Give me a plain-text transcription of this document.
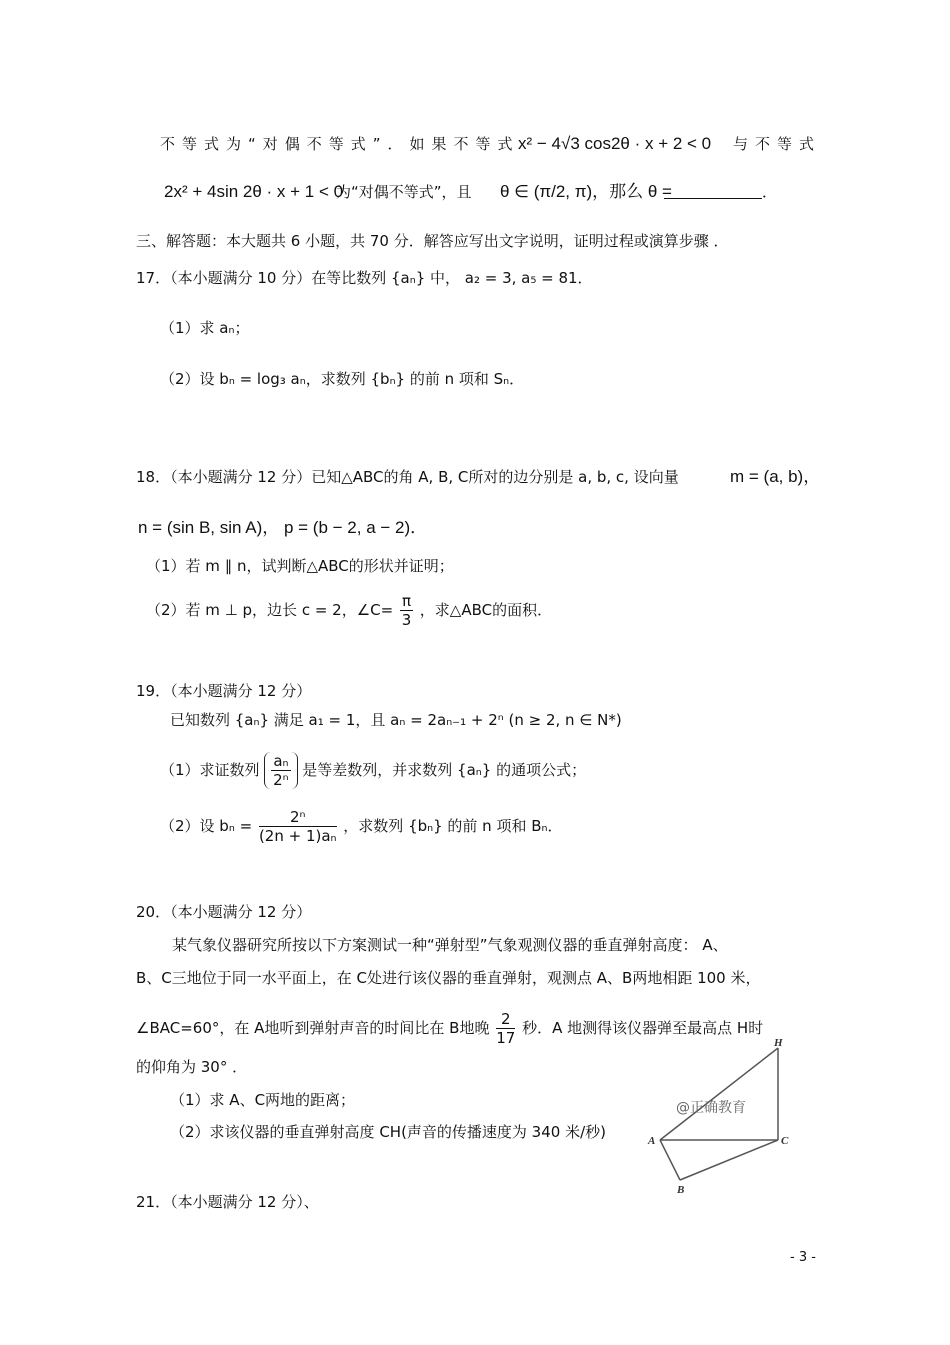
不等式为“对偶不等式”．如果不等式
x² − 4√3 cos2θ · x + 2 < 0 与不等式
2x² + 4sin 2θ · x + 1 < 0
为“对偶不等式”，且 θ ∈ (π/2, π)，那么 θ =	．
三、解答题：本大题共 6 小题，共 70 分．解答应写出文字说明，证明过程或演算步骤 ．
17．（本小题满分 10 分）在等比数列 {aₙ} 中， a₂ = 3, a₅ = 81．
（1）求 aₙ；
（2）设 bₙ = log₃ aₙ，求数列 {bₙ} 的前 n 项和 Sₙ．
18．（本小题满分 12 分）已知△ABC的角 A, B, C所对的边分别是 a, b, c, 设向量	m = (a, b)，
n = (sin B, sin A)， p = (b − 2, a − 2)．
（1）若 m ∥ n，试判断△ABC的形状并证明；
（2）若 m ⊥ p，边长 c = 2，∠C= $\frac{\pi}{3}$ ，求△ABC的面积．
19．（本小题满分 12 分）
已知数列 {aₙ} 满足 a₁ = 1，且 aₙ = 2aₙ₋₁ + 2ⁿ (n ≥ 2, n ∈ N*)
（1）求证数列 $\frac{\text{aₙ}}{\text{2ⁿ}}$ 是等差数列，并求数列 {aₙ} 的通项公式；
（2）设 $b_n = \frac{\text{2ⁿ}}{\text{(2n + 1)aₙ}}$ ，求数列 {bₙ} 的前 n 项和 Bₙ．
20．（本小题满分 12 分）
某气象仪器研究所按以下方案测试一种“弹射型”气象观测仪器的垂直弹射高度： A、
B、C三地位于同一水平面上，在 C处进行该仪器的垂直弹射，观测点 A、B两地相距 100 米，
∠BAC=60°，在 A地听到弹射声音的时间比在 B地晚 $\frac{2}{17}$ 秒．A 地测得该仪器弹至最高点 H时
的仰角为 30° ．
（1）求 A、C两地的距离；
（2）求该仪器的垂直弹射高度 CH(声音的传播速度为 340 米/秒)
H
A	C
B
@正确教育
21．（本小题满分 12 分）、
- 3 -
